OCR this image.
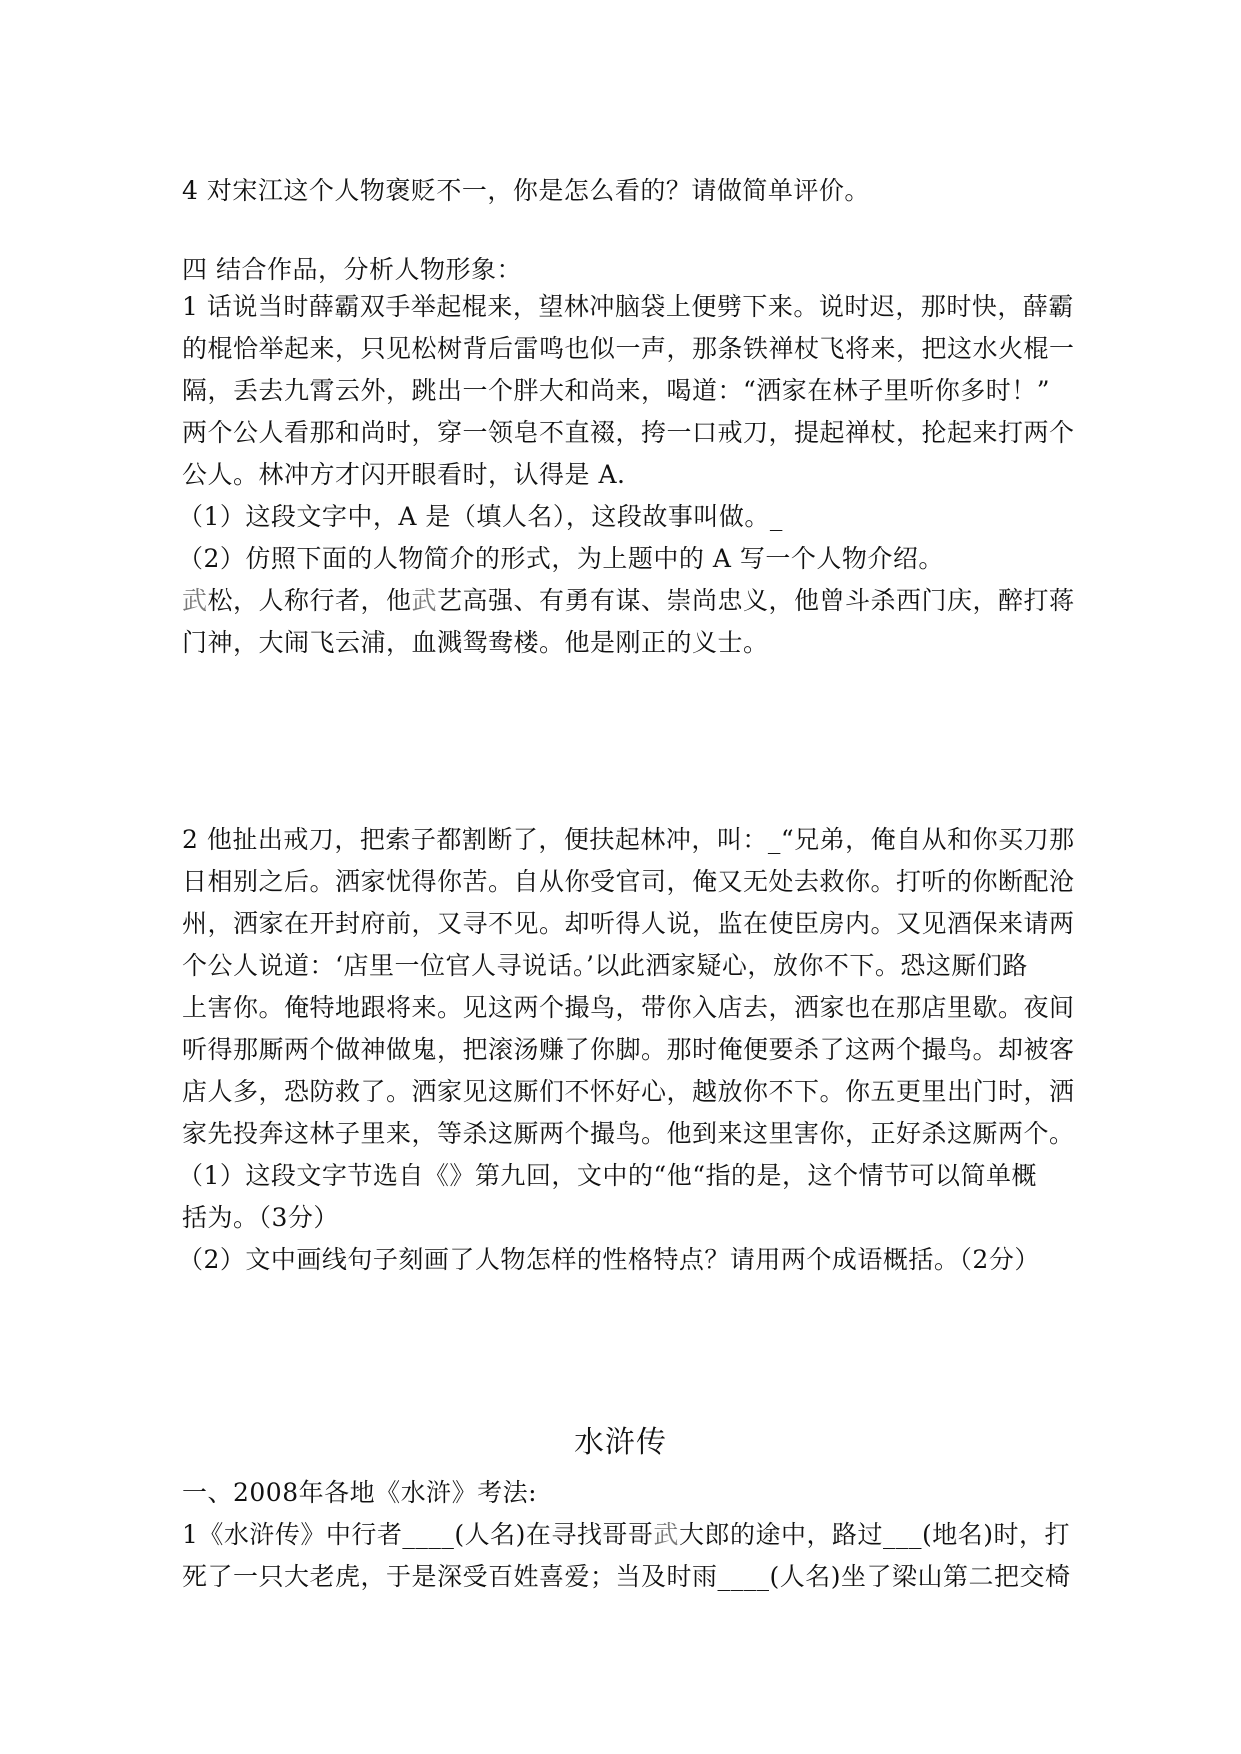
4 对宋江这个人物褒贬不一，你是怎么看的？请做简单评价。
四 结合作品，分析人物形象：
1 话说当时薛霸双手举起棍来，望林冲脑袋上便劈下来。说时迟，那时快，薛霸
的棍恰举起来，只见松树背后雷鸣也似一声，那条铁禅杖飞将来，把这水火棍一
隔，丢去九霄云外，跳出一个胖大和尚来，喝道：“洒家在林子里听你多时！”
两个公人看那和尚时，穿一领皂不直裰，挎一口戒刀，提起禅杖，抡起来打两个
公人。林冲方才闪开眼看时，认得是 A.
（1）这段文字中，A 是（填人名），这段故事叫做。_
（2）仿照下面的人物简介的形式，为上题中的 A 写一个人物介绍。
武松，人称行者，他武艺高强、有勇有谋、崇尚忠义，他曾斗杀西门庆，醉打蒋
门神，大闹飞云浦，血溅鸳鸯楼。他是刚正的义士。
2 他扯出戒刀，把索子都割断了，便扶起林冲，叫：_“兄弟，俺自从和你买刀那
日相别之后。洒家忧得你苦。自从你受官司，俺又无处去救你。打听的你断配沧
州，洒家在开封府前，又寻不见。却听得人说，监在使臣房内。又见酒保来请两
个公人说道：‘店里一位官人寻说话。’以此洒家疑心，放你不下。恐这厮们路
上害你。俺特地跟将来。见这两个撮鸟，带你入店去，洒家也在那店里歇。夜间
听得那厮两个做神做鬼，把滚汤赚了你脚。那时俺便要杀了这两个撮鸟。却被客
店人多，恐防救了。洒家见这厮们不怀好心，越放你不下。你五更里出门时，洒
家先投奔这林子里来，等杀这厮两个撮鸟。他到来这里害你，正好杀这厮两个。
（1）这段文字节选自《》第九回，文中的“他“指的是，这个情节可以简单概
括为。（3分）
（2）文中画线句子刻画了人物怎样的性格特点？请用两个成语概括。（2分）
水浒传
一、2008年各地《水浒》考法:
1《水浒传》中行者____(人名)在寻找哥哥武大郎的途中，路过___(地名)时，打
死了一只大老虎，于是深受百姓喜爱；当及时雨____(人名)坐了梁山第二把交椅
